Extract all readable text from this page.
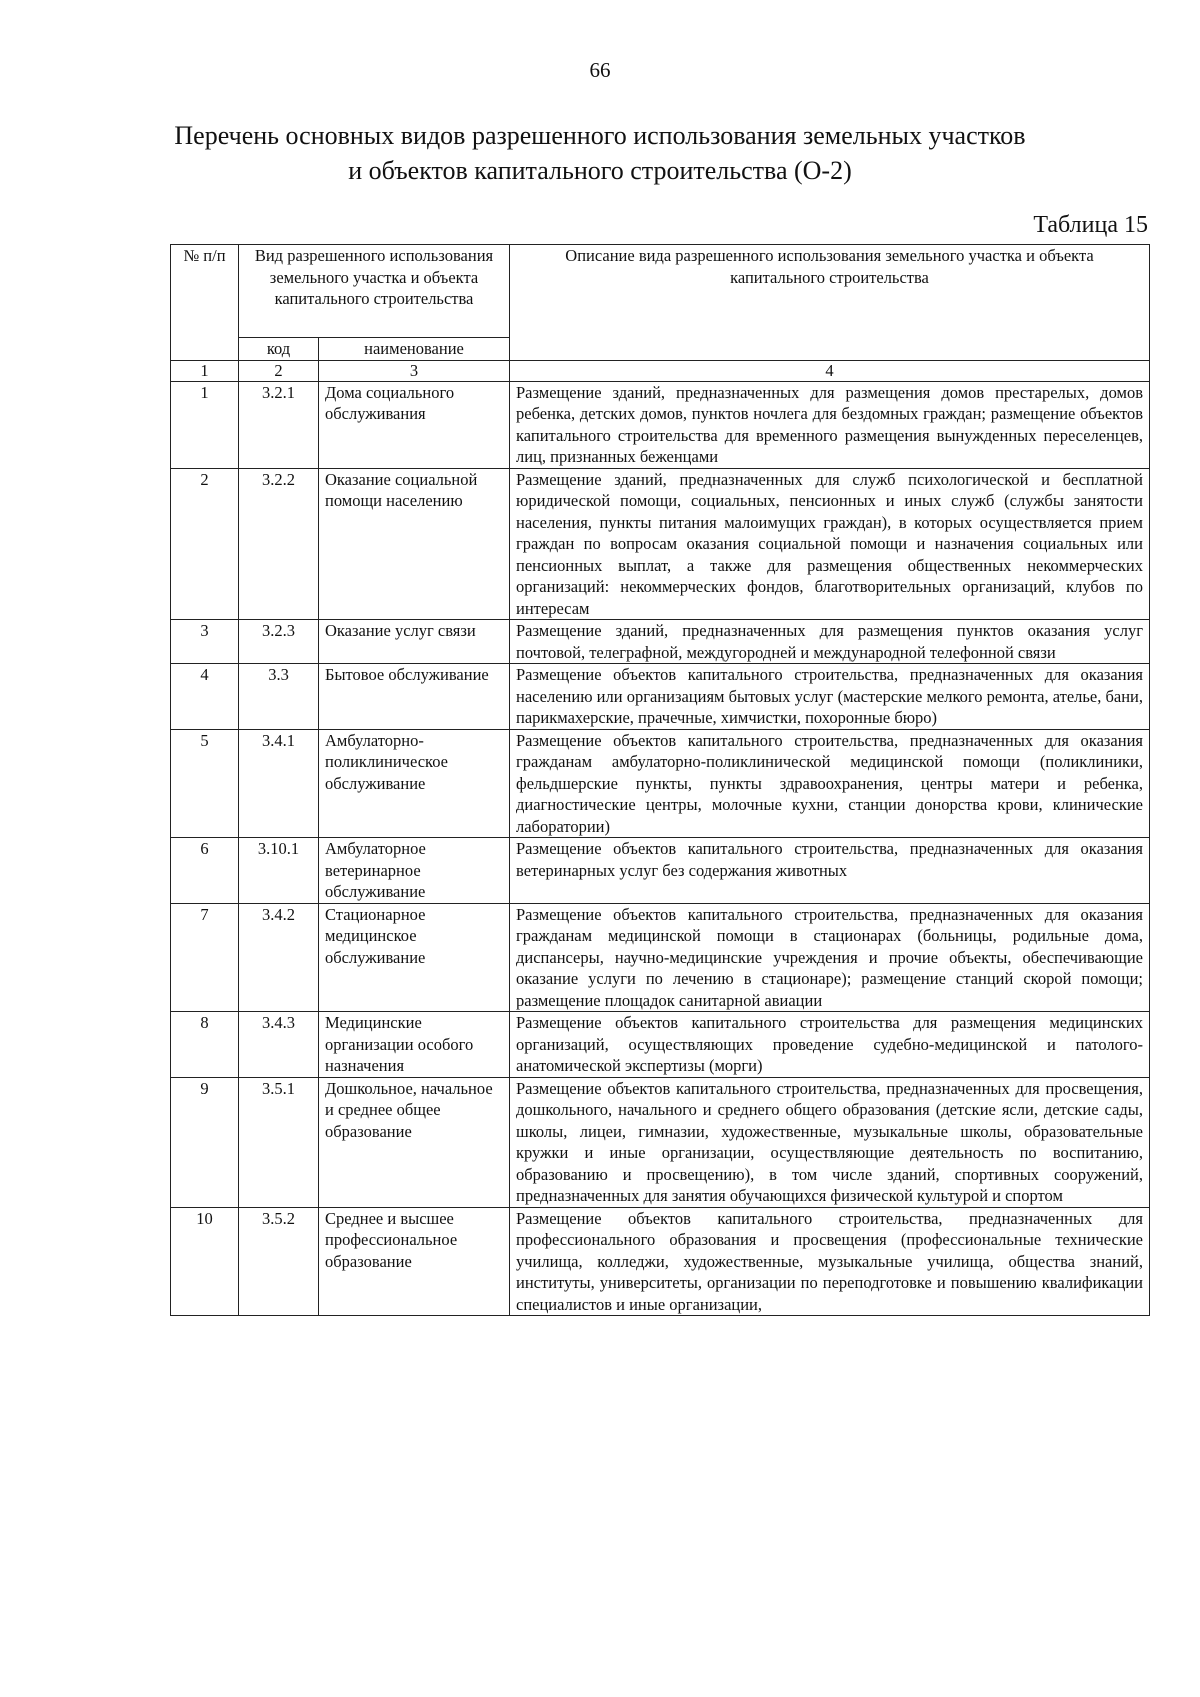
66
Перечень основных видов разрешенного использования земельных участков
и объектов капитального строительства (О-2)
Таблица 15
№ п/п	Вид разрешенного использования земельного участка и объекта капитального строительства		Описание вида разрешенного использования земельного участка и объекта капитального строительства
	код	наименование	
1	2	3	4
1	3.2.1	Дома социального обслуживания	Размещение зданий, предназначенных для размещения домов престарелых, домов ребенка, детских домов, пунктов ночлега для бездомных граждан; размещение объектов капитального строительства для временного размещения вынужденных переселенцев, лиц, признанных беженцами
2	3.2.2	Оказание социальной помощи населению	Размещение зданий, предназначенных для служб психологической и бесплатной юридической помощи, социальных, пенсионных и иных служб (службы занятости населения, пункты питания малоимущих граждан), в которых осуществляется прием граждан по вопросам оказания социальной помощи и назначения социальных или пенсионных выплат, а также для размещения общественных некоммерческих организаций: некоммерческих фондов, благотворительных организаций, клубов по интересам
3	3.2.3	Оказание услуг связи	Размещение зданий, предназначенных для размещения пунктов оказания услуг почтовой, телеграфной, междугородней и международной телефонной связи
4	3.3	Бытовое обслуживание	Размещение объектов капитального строительства, предназначенных для оказания населению или организациям бытовых услуг (мастерские мелкого ремонта, ателье, бани, парикмахерские, прачечные, химчистки, похоронные бюро)
5	3.4.1	Амбулаторно-поликлиническое обслуживание	Размещение объектов капитального строительства, предназначенных для оказания гражданам амбулаторно-поликлинической медицинской помощи (поликлиники, фельдшерские пункты, пункты здравоохранения, центры матери и ребенка, диагностические центры, молочные кухни, станции донорства крови, клинические лаборатории)
6	3.10.1	Амбулаторное ветеринарное обслуживание	Размещение объектов капитального строительства, предназначенных для оказания ветеринарных услуг без содержания животных
7	3.4.2	Стационарное медицинское обслуживание	Размещение объектов капитального строительства, предназначенных для оказания гражданам медицинской помощи в стационарах (больницы, родильные дома, диспансеры, научно-медицинские учреждения и прочие объекты, обеспечивающие оказание услуги по лечению в стационаре); размещение станций скорой помощи; размещение площадок санитарной авиации
8	3.4.3	Медицинские организации особого назначения	Размещение объектов капитального строительства для размещения медицинских организаций, осуществляющих проведение судебно-медицинской и патолого-анатомической экспертизы (морги)
9	3.5.1	Дошкольное, начальное и среднее общее образование	Размещение объектов капитального строительства, предназначенных для просвещения, дошкольного, начального и среднего общего образования (детские ясли, детские сады, школы, лицеи, гимназии, художественные, музыкальные школы, образовательные кружки и иные организации, осуществляющие деятельность по воспитанию, образованию и просвещению), в том числе зданий, спортивных сооружений, предназначенных для занятия обучающихся физической культурой и спортом
10	3.5.2	Среднее и высшее профессиональное образование	Размещение объектов капитального строительства, предназначенных для профессионального образования и просвещения (профессиональные технические училища, колледжи, художественные, музыкальные училища, общества знаний, институты, университеты, организации по переподготовке и повышению квалификации специалистов и иные организации,
